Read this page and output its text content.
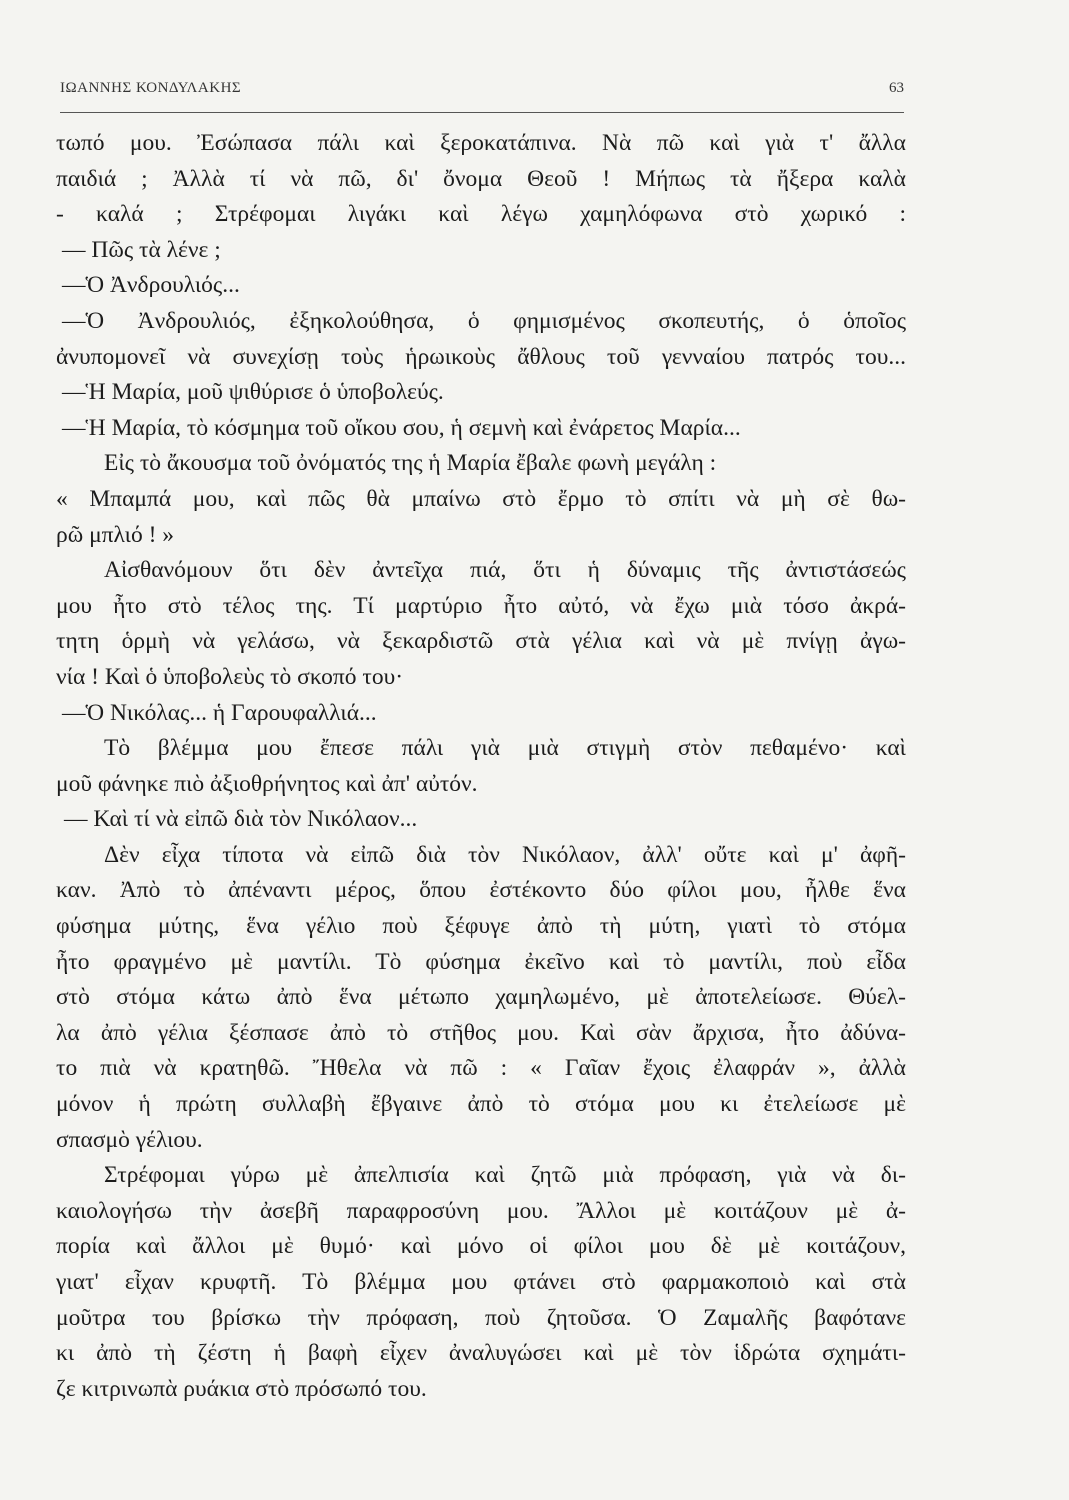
ΙΩΑΝΝΗΣ ΚΟΝΔΥΛΑΚΗΣ	63
τωπό μου. Ἐσώπασα πάλι καὶ ξεροκατάπινα. Νὰ πῶ καὶ γιὰ τ' ἄλλα
παιδιά ; Ἀλλὰ τί νὰ πῶ, δι' ὄνομα Θεοῦ ! Μήπως τὰ ἤξερα καλὰ
- καλά ; Στρέφομαι λιγάκι καὶ λέγω χαμηλόφωνα στὸ χωρικό :
— Πῶς τὰ λένε ;
—Ὁ Ἀνδρουλιός...
—Ὁ Ἀνδρουλιός, ἐξηκολούθησα, ὁ φημισμένος σκοπευτής, ὁ ὁποῖος
ἀνυπομονεῖ νὰ συνεχίσῃ τοὺς ἡρωικοὺς ἄθλους τοῦ γενναίου πατρός του...
—Ἡ Μαρία, μοῦ ψιθύρισε ὁ ὑποβολεύς.
—Ἡ Μαρία, τὸ κόσμημα τοῦ οἴκου σου, ἡ σεμνὴ καὶ ἐνάρετος Μαρία...
Εἰς τὸ ἄκουσμα τοῦ ὀνόματός της ἡ Μαρία ἔβαλε φωνὴ μεγάλη :
« Μπαμπά μου, καὶ πῶς θὰ μπαίνω στὸ ἔρμο τὸ σπίτι νὰ μὴ σὲ θω-
ρῶ μπλιό ! »
Αἰσθανόμουν ὅτι δὲν ἀντεῖχα πιά, ὅτι ἡ δύναμις τῆς ἀντιστάσεώς
μου ἦτο στὸ τέλος της. Τί μαρτύριο ἦτο αὐτό, νὰ ἔχω μιὰ τόσο ἀκρά-
τητη ὁρμὴ νὰ γελάσω, νὰ ξεκαρδιστῶ στὰ γέλια καὶ νὰ μὲ πνίγῃ ἀγω-
νία ! Καὶ ὁ ὑποβολεὺς τὸ σκοπό του·
—Ὁ Νικόλας... ἡ Γαρουφαλλιά...
Τὸ βλέμμα μου ἔπεσε πάλι γιὰ μιὰ στιγμὴ στὸν πεθαμένο· καὶ
μοῦ φάνηκε πιὸ ἀξιοθρήνητος καὶ ἀπ' αὐτόν.
— Καὶ τί νὰ εἰπῶ διὰ τὸν Νικόλαον...
Δὲν εἶχα τίποτα νὰ εἰπῶ διὰ τὸν Νικόλαον, ἀλλ' οὔτε καὶ μ' ἀφῆ-
καν. Ἀπὸ τὸ ἀπέναντι μέρος, ὅπου ἐστέκοντο δύο φίλοι μου, ἦλθε ἕνα
φύσημα μύτης, ἕνα γέλιο ποὺ ξέφυγε ἀπὸ τὴ μύτη, γιατὶ τὸ στόμα
ἦτο φραγμένο μὲ μαντίλι. Τὸ φύσημα ἐκεῖνο καὶ τὸ μαντίλι, ποὺ εἶδα
στὸ στόμα κάτω ἀπὸ ἕνα μέτωπο χαμηλωμένο, μὲ ἀποτελείωσε. Θύελ-
λα ἀπὸ γέλια ξέσπασε ἀπὸ τὸ στῆθος μου. Καὶ σὰν ἄρχισα, ἦτο ἀδύνα-
το πιὰ νὰ κρατηθῶ. Ἤθελα νὰ πῶ : « Γαῖαν ἔχοις ἐλαφράν », ἀλλὰ
μόνον ἡ πρώτη συλλαβὴ ἔβγαινε ἀπὸ τὸ στόμα μου κι ἐτελείωσε μὲ
σπασμὸ γέλιου.
Στρέφομαι γύρω μὲ ἀπελπισία καὶ ζητῶ μιὰ πρόφαση, γιὰ νὰ δι-
καιολογήσω τὴν ἀσεβῆ παραφροσύνη μου. Ἄλλοι μὲ κοιτάζουν μὲ ἀ-
πορία καὶ ἄλλοι μὲ θυμό· καὶ μόνο οἱ φίλοι μου δὲ μὲ κοιτάζουν,
γιατ' εἶχαν κρυφτῆ. Τὸ βλέμμα μου φτάνει στὸ φαρμακοποιὸ καὶ στὰ
μοῦτρα του βρίσκω τὴν πρόφαση, ποὺ ζητοῦσα. Ὁ Ζαμαλῆς βαφότανε
κι ἀπὸ τὴ ζέστη ἡ βαφὴ εἶχεν ἀναλυγώσει καὶ μὲ τὸν ἱδρώτα σχημάτι-
ζε κιτρινωπὰ ρυάκια στὸ πρόσωπό του.
